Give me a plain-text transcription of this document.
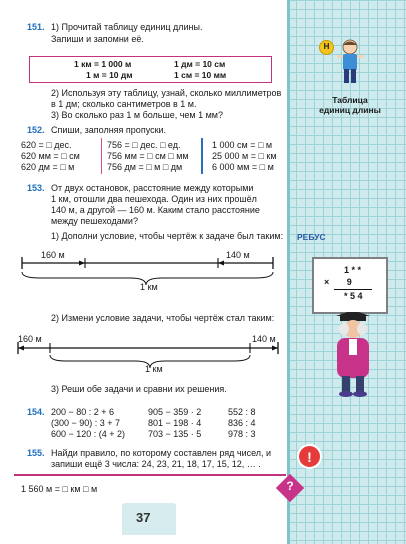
151. 1) Прочитай таблицу единиц длины.
Запиши и запомни её.
1 км = 1 000 м
1 м = 10 дм
1 дм = 10 см
1 см = 10 мм
2) Используя эту таблицу, узнай, сколько миллиметров
в 1 дм; сколько сантиметров в 1 м.
3) Во сколько раз 1 м больше, чем 1 мм?
152. Спиши, заполняя пропуски.
620 = □ дес.
620 мм = □ см
620 дм = □ м
756 = □ дес. □ ед.
756 мм = □ см □ мм
756 дм = □ м □ дм
1 000 см = □ м
25 000 м = □ км
6 000 мм = □ м
153. От двух остановок, расстояние между которыми
1 км, отошли два пешехода. Один из них прошёл
140 м, а другой — 160 м. Каким стало расстояние
между пешеходами?
1) Дополни условие, чтобы чертёж к задаче был таким:
160 м	140 м
1 км
2) Измени условие задачи, чтобы чертёж стал таким:
160 м	140 м
1 км
3) Реши обе задачи и сравни их решения.
154. 200 − 80 : 2 + 6
(300 − 90) : 3 + 7
600 − 120 : (4 + 2)
905 − 359 · 2
801 − 198 · 4
703 − 135 · 5
552 : 8
836 : 4
978 : 3
155. Найди правило, по которому составлен ряд чисел, и
запиши ещё 3 числа: 24, 23, 21, 18, 17, 15, 12, … .
1 560 м = □ км □ м
37
Н
Таблица
единиц длины
РЕБУС
1 * *
×       9
* 5 4
!
?
